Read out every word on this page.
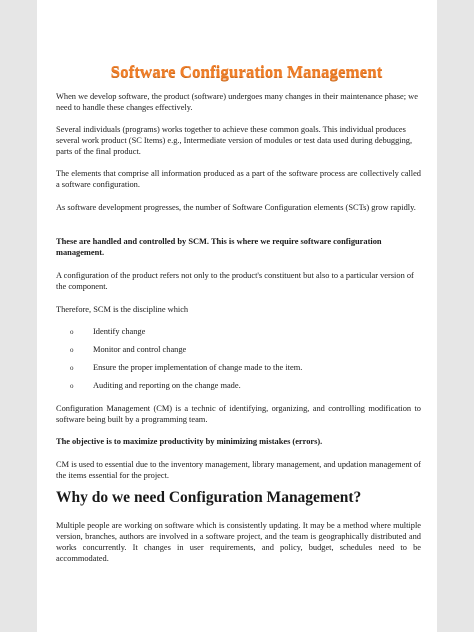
Software Configuration Management

When we develop software, the product (software) undergoes many changes in their maintenance phase; we need to handle these changes effectively.

Several individuals (programs) works together to achieve these common goals. This individual produces several work product (SC Items) e.g., Intermediate version of modules or test data used during debugging, parts of the final product.

The elements that comprise all information produced as a part of the software process are collectively called a software configuration.

As software development progresses, the number of Software Configuration elements (SCTs) grow rapidly.

These are handled and controlled by SCM. This is where we require software configuration management.

A configuration of the product refers not only to the product's constituent but also to a particular version of the component.

Therefore, SCM is the discipline which

o Identify change
o Monitor and control change
o Ensure the proper implementation of change made to the item.
o Auditing and reporting on the change made.

Configuration Management (CM) is a technic of identifying, organizing, and controlling modification to software being built by a programming team.

The objective is to maximize productivity by minimizing mistakes (errors).

CM is used to essential due to the inventory management, library management, and updation management of the items essential for the project.

Why do we need Configuration Management?

Multiple people are working on software which is consistently updating. It may be a method where multiple version, branches, authors are involved in a software project, and the team is geographically distributed and works concurrently. It changes in user requirements, and policy, budget, schedules need to be accommodated.
